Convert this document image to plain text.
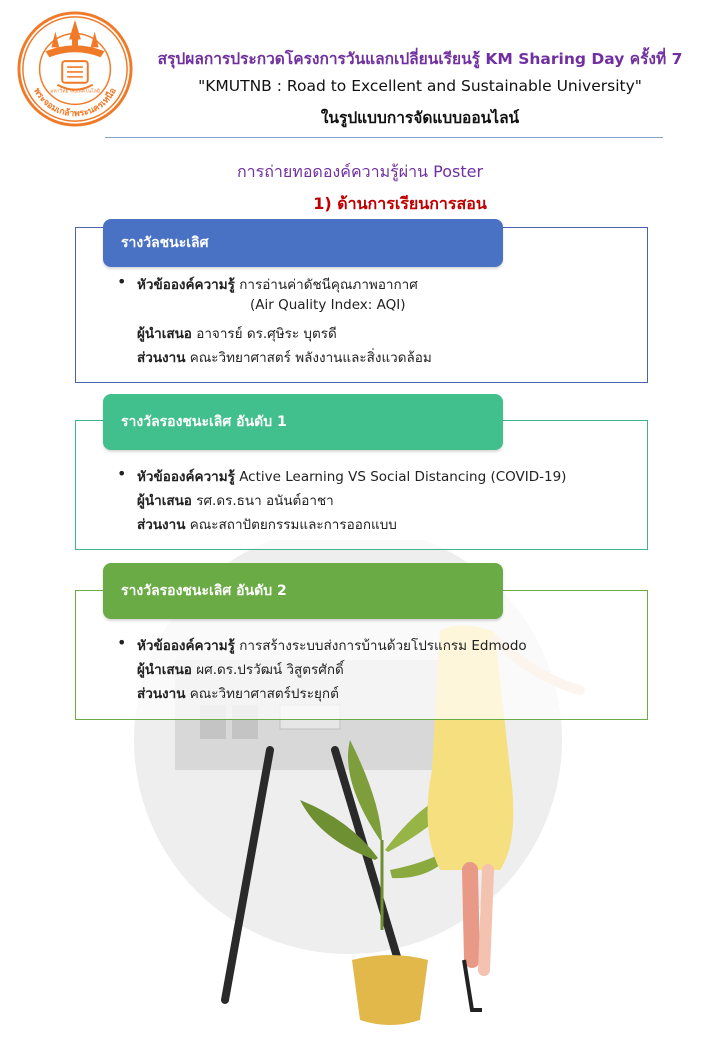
มหาวิทยาลัยเทคโนโลยี
พระจอมเกล้าพระนครเหนือ
สรุปผลการประกวดโครงการวันแลกเปลี่ยนเรียนรู้ KM Sharing Day ครั้งที่ 7
"KMUTNB : Road to Excellent and Sustainable University"
ในรูปแบบการจัดแบบออนไลน์
การถ่ายทอดองค์ความรู้ผ่าน Poster
1) ด้านการเรียนการสอน
รางวัลชนะเลิศ
• หัวข้อองค์ความรู้ การอ่านค่าดัชนีคุณภาพอากาศ
(Air Quality Index: AQI)
ผู้นำเสนอ อาจารย์ ดร.ศุษิระ บุตรดี
ส่วนงาน คณะวิทยาศาสตร์ พลังงานและสิ่งแวดล้อม
รางวัลรองชนะเลิศ อันดับ 1
• หัวข้อองค์ความรู้ Active Learning VS Social Distancing (COVID-19)
ผู้นำเสนอ รศ.ดร.ธนา อนันต์อาชา
ส่วนงาน คณะสถาปัตยกรรมและการออกแบบ
รางวัลรองชนะเลิศ อันดับ 2
• หัวข้อองค์ความรู้ การสร้างระบบส่งการบ้านด้วยโปรแกรม Edmodo
ผู้นำเสนอ ผศ.ดร.ปรวัฒน์ วิสูตรศักดิ์
ส่วนงาน คณะวิทยาศาสตร์ประยุกต์
